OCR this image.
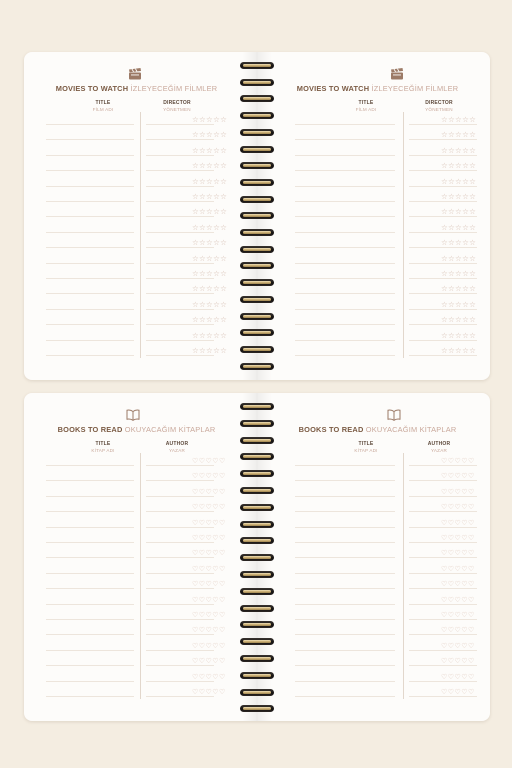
MOVIES TO WATCH İZLEYECEĞİM FİLMLER
TITLE
FİLM ADI
DIRECTOR
YÖNETMEN
☆☆☆☆☆
☆☆☆☆☆
☆☆☆☆☆
☆☆☆☆☆
☆☆☆☆☆
☆☆☆☆☆
☆☆☆☆☆
☆☆☆☆☆
☆☆☆☆☆
☆☆☆☆☆
☆☆☆☆☆
☆☆☆☆☆
☆☆☆☆☆
☆☆☆☆☆
☆☆☆☆☆
☆☆☆☆☆
MOVIES TO WATCH İZLEYECEĞİM FİLMLER
TITLE
FİLM ADI
DIRECTOR
YÖNETMEN
☆☆☆☆☆
☆☆☆☆☆
☆☆☆☆☆
☆☆☆☆☆
☆☆☆☆☆
☆☆☆☆☆
☆☆☆☆☆
☆☆☆☆☆
☆☆☆☆☆
☆☆☆☆☆
☆☆☆☆☆
☆☆☆☆☆
☆☆☆☆☆
☆☆☆☆☆
☆☆☆☆☆
☆☆☆☆☆
BOOKS TO READ OKUYACAĞIM KİTAPLAR
TITLE
KİTAP ADI
AUTHOR
YAZAR
♡♡♡♡♡
♡♡♡♡♡
♡♡♡♡♡
♡♡♡♡♡
♡♡♡♡♡
♡♡♡♡♡
♡♡♡♡♡
♡♡♡♡♡
♡♡♡♡♡
♡♡♡♡♡
♡♡♡♡♡
♡♡♡♡♡
♡♡♡♡♡
♡♡♡♡♡
♡♡♡♡♡
♡♡♡♡♡
BOOKS TO READ OKUYACAĞIM KİTAPLAR
TITLE
KİTAP ADI
AUTHOR
YAZAR
♡♡♡♡♡
♡♡♡♡♡
♡♡♡♡♡
♡♡♡♡♡
♡♡♡♡♡
♡♡♡♡♡
♡♡♡♡♡
♡♡♡♡♡
♡♡♡♡♡
♡♡♡♡♡
♡♡♡♡♡
♡♡♡♡♡
♡♡♡♡♡
♡♡♡♡♡
♡♡♡♡♡
♡♡♡♡♡
